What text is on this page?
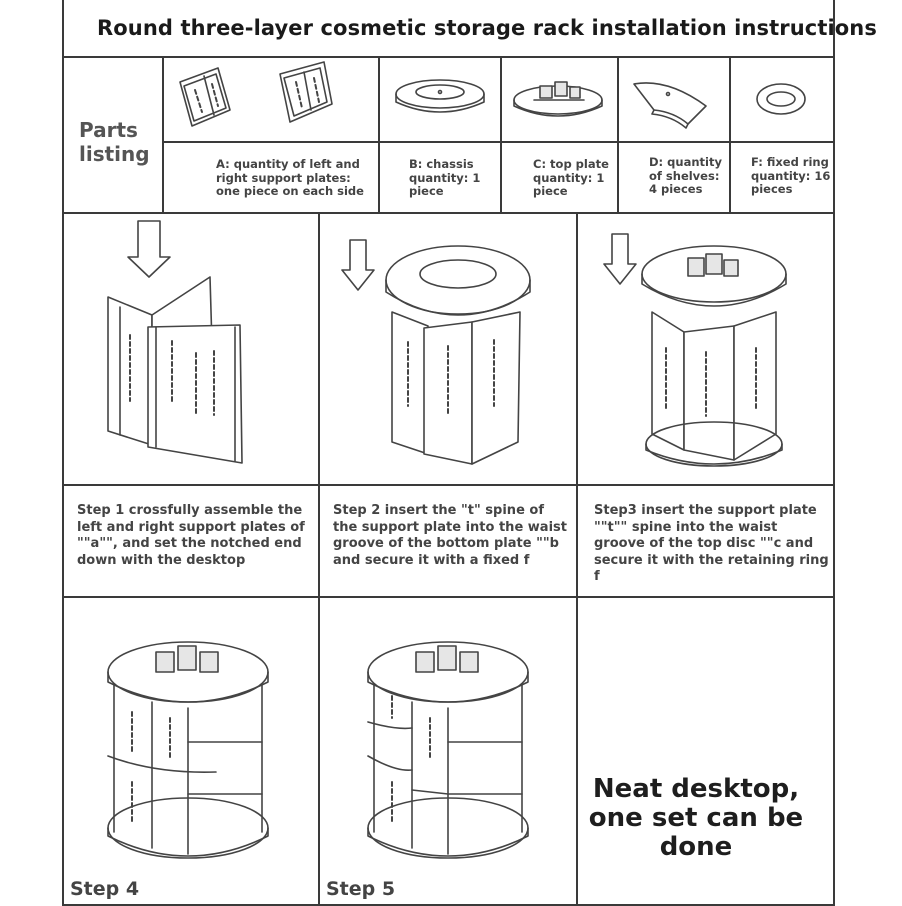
Round three-layer cosmetic storage rack installation instructions
Parts
listing	A: quantity of left and right support plates: one piece on each side
B: chassis quantity: 1 piece
C: top plate quantity: 1 piece
D: quantity of shelves: 4 pieces
F: fixed ring quantity: 16 pieces
Step 1 crossfully assemble the left and right support plates of ""a"", and set the notched end down with the desktop
Step 2 insert the "t" spine of the support plate into the waist groove of the bottom plate ""b and secure it with a fixed f
Step3 insert the support plate ""t"" spine into the waist groove of the top disc ""c and secure it with the retaining ring f
Step 4	Step 5
Neat desktop,
one set can be
done
